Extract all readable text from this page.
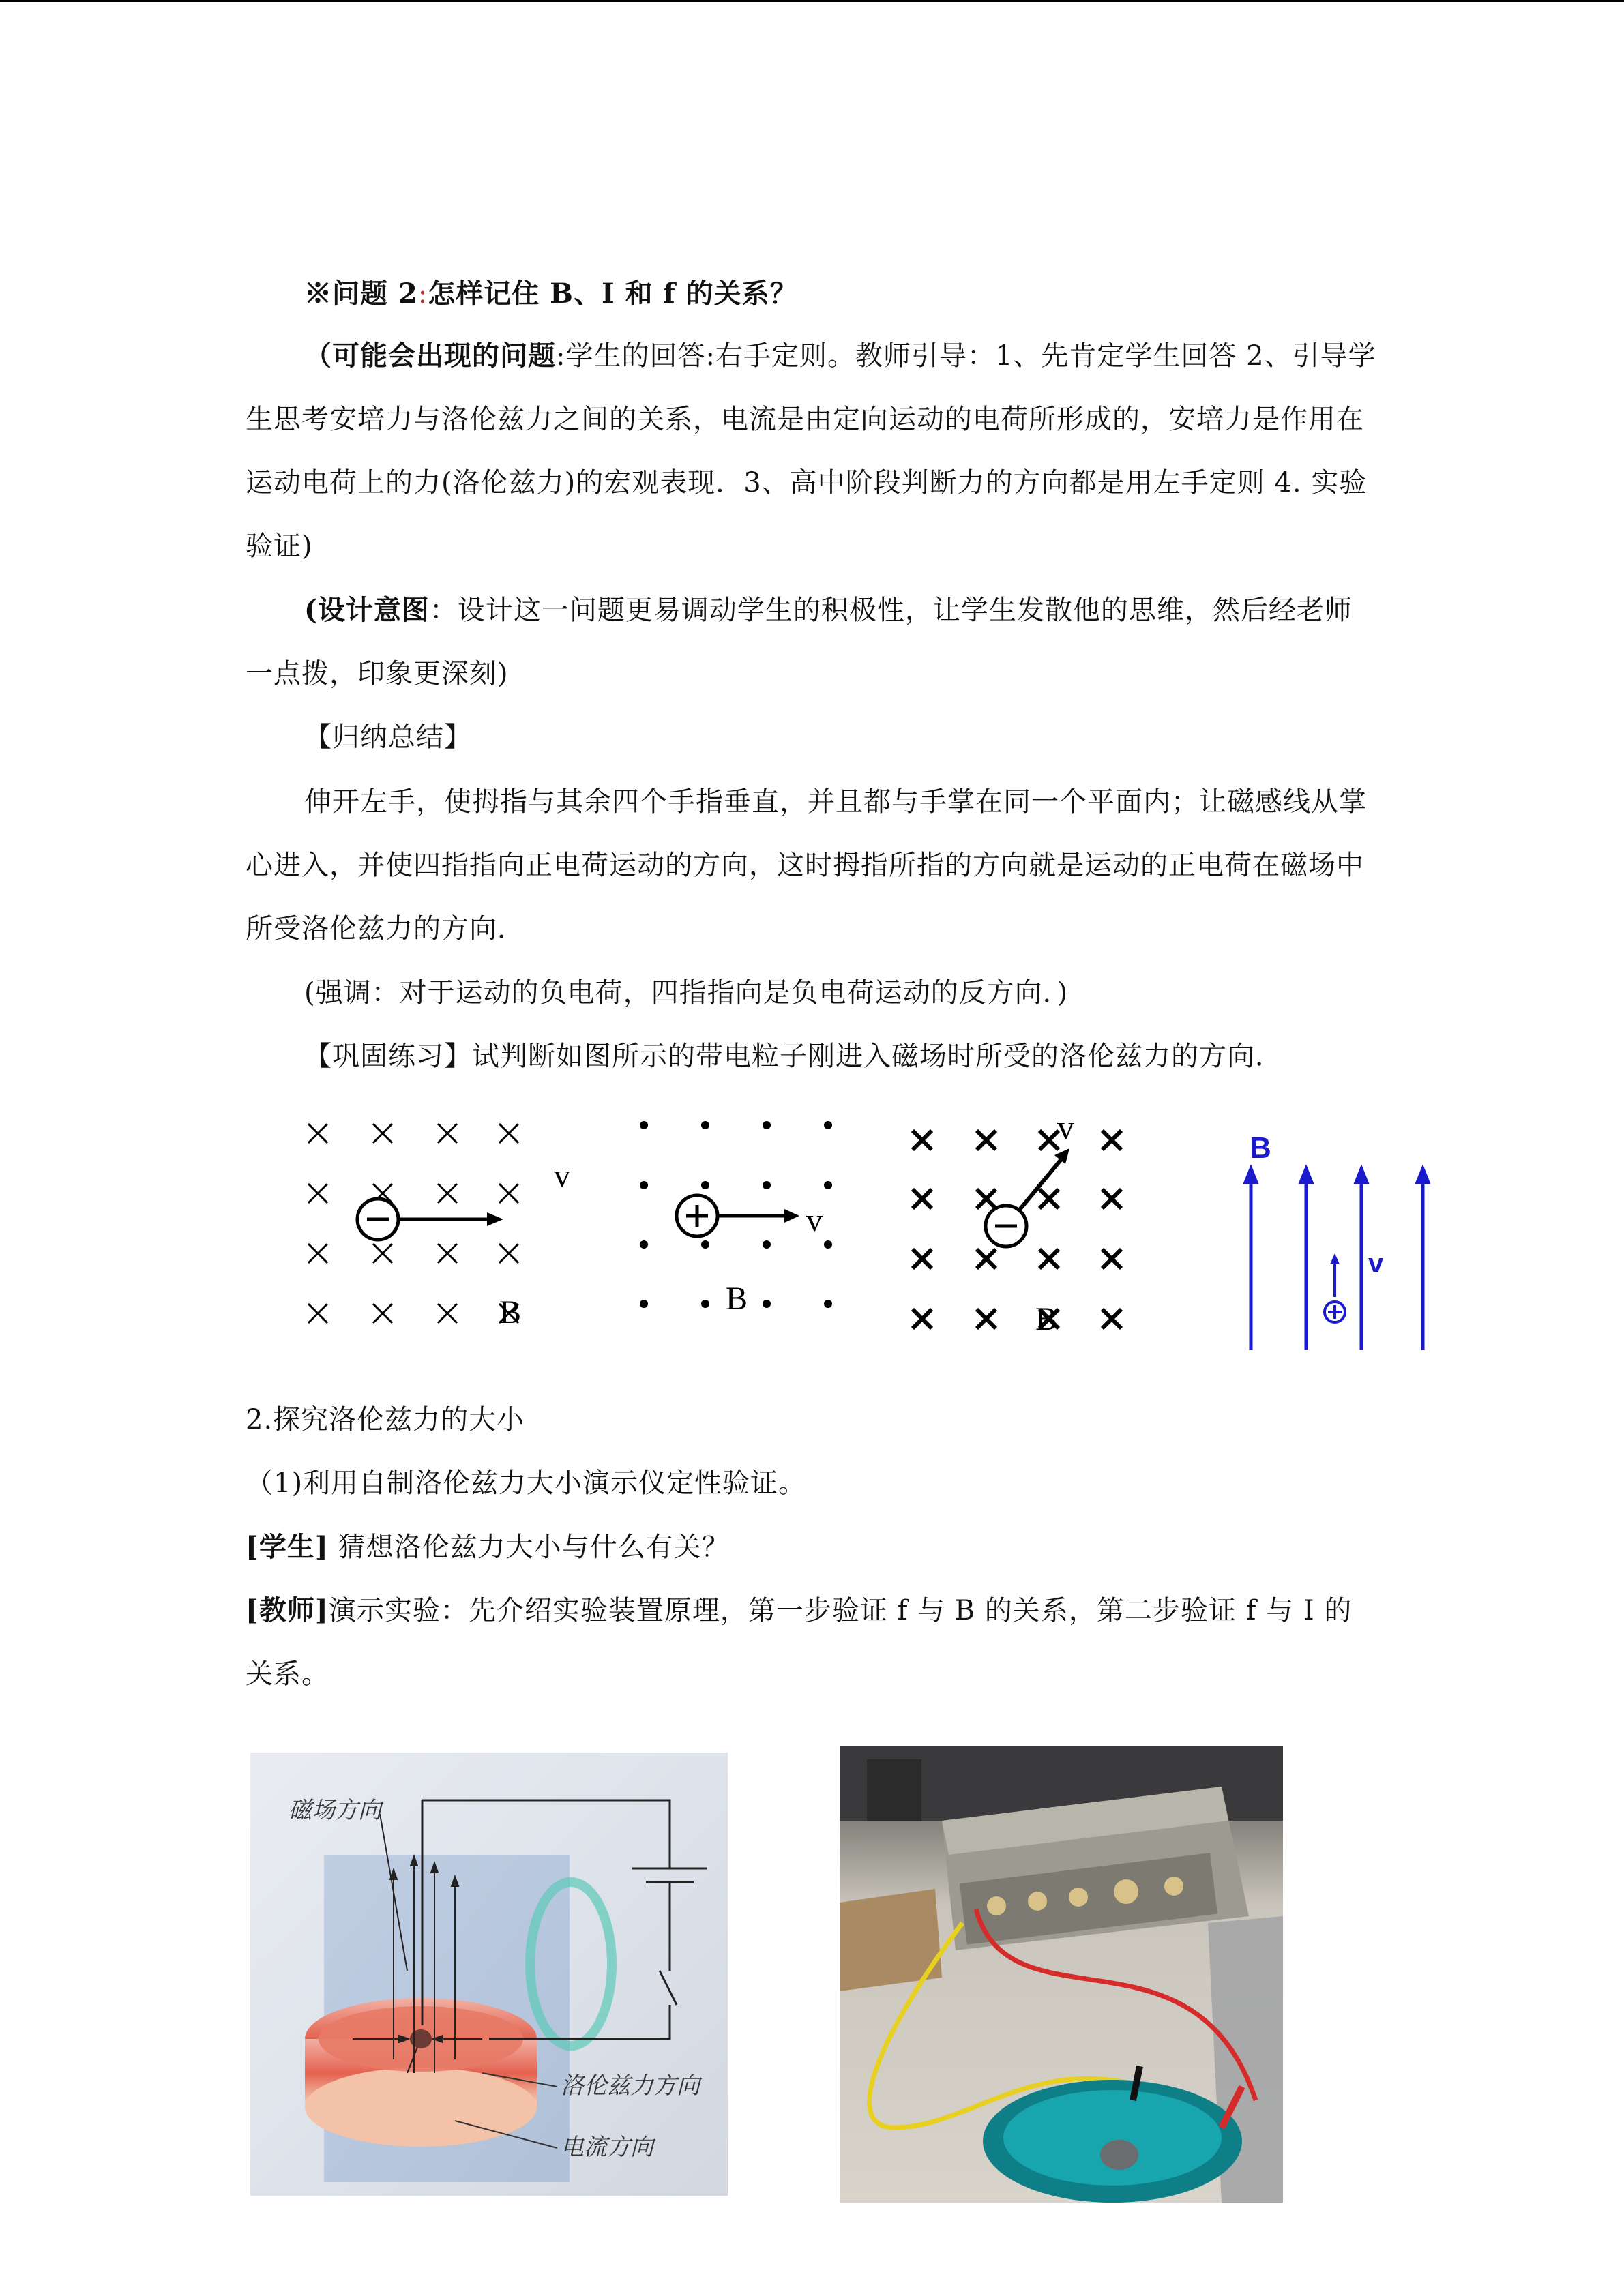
※问题 2:怎样记住 B、I 和 f 的关系？

（可能会出现的问题:学生的回答:右手定则。教师引导：1、先肯定学生回答 2、引导学生思考安培力与洛伦兹力之间的关系，电流是由定向运动的电荷所形成的，安培力是作用在运动电荷上的力(洛伦兹力)的宏观表现．3、高中阶段判断力的方向都是用左手定则 4. 实验验证)

(设计意图：设计这一问题更易调动学生的积极性，让学生发散他的思维，然后经老师一点拨，印象更深刻)

【归纳总结】

伸开左手，使拇指与其余四个手指垂直，并且都与手掌在同一个平面内；让磁感线从掌心进入，并使四指指向正电荷运动的方向，这时拇指所指的方向就是运动的正电荷在磁场中所受洛伦兹力的方向．

(强调：对于运动的负电荷，四指指向是负电荷运动的反方向．)

【巩固练习】试判断如图所示的带电粒子刚进入磁场时所受的洛伦兹力的方向．

v
B
v
B
v
B
B
v

2.探究洛伦兹力的大小

（1)利用自制洛伦兹力大小演示仪定性验证。

[学生] 猜想洛伦兹力大小与什么有关？

[教师]演示实验：先介绍实验装置原理，第一步验证 f 与 B 的关系，第二步验证 f 与 I 的关系。

磁场方向
洛伦兹力方向
电流方向
